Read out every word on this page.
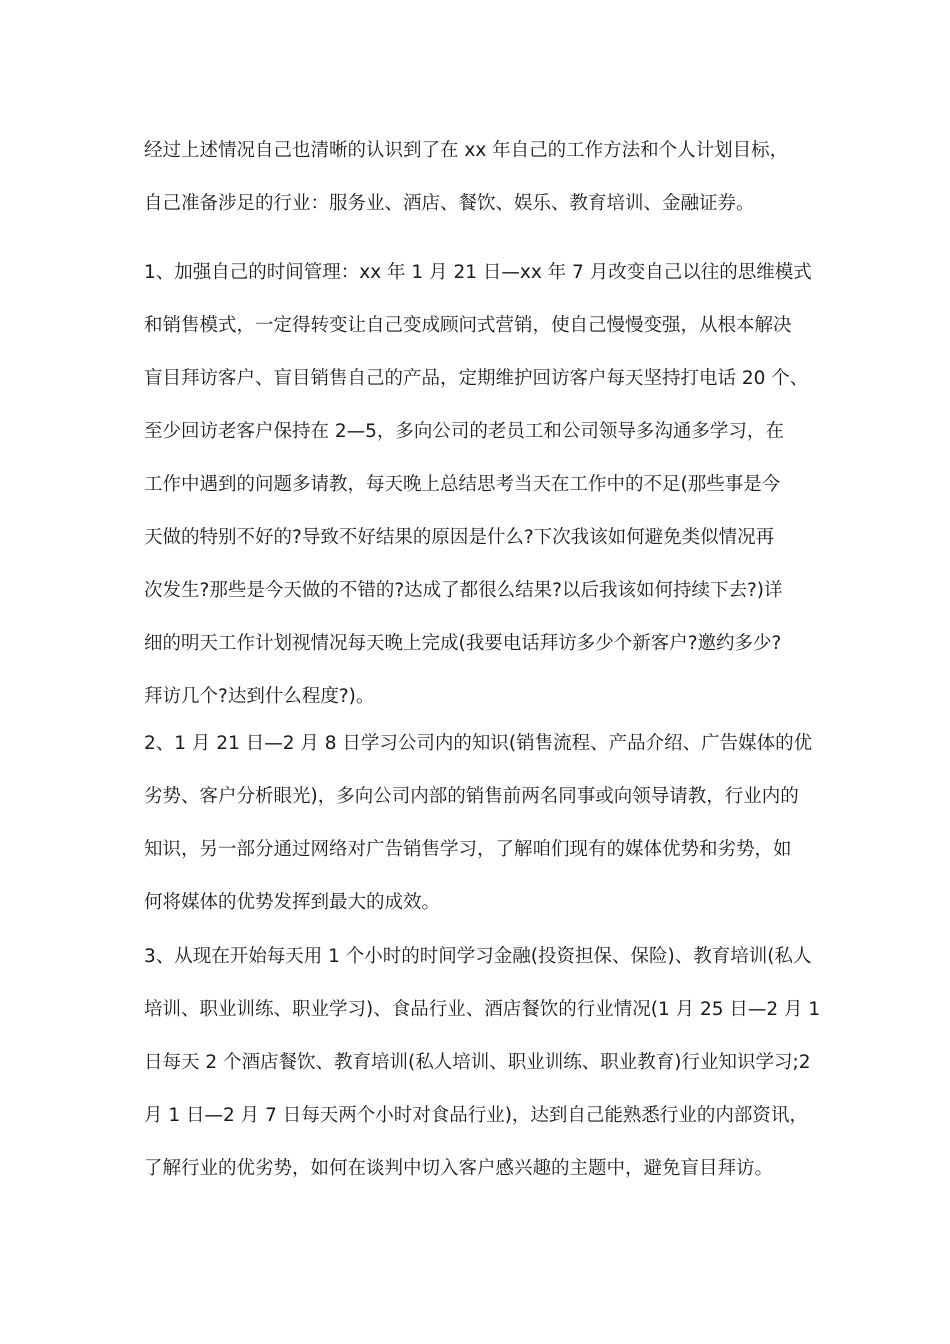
经过上述情况自己也清晰的认识到了在 xx 年自己的工作方法和个人计划目标，
自己准备涉足的行业：服务业、酒店、餐饮、娱乐、教育培训、金融证券。
1、加强自己的时间管理：xx 年 1 月 21 日—xx 年 7 月改变自己以往的思维模式
和销售模式，一定得转变让自己变成顾问式营销，使自己慢慢变强，从根本解决
盲目拜访客户、盲目销售自己的产品，定期维护回访客户每天坚持打电话 20 个、
至少回访老客户保持在 2—5，多向公司的老员工和公司领导多沟通多学习，在
工作中遇到的问题多请教，每天晚上总结思考当天在工作中的不足(那些事是今
天做的特别不好的?导致不好结果的原因是什么?下次我该如何避免类似情况再
次发生?那些是今天做的不错的?达成了都很么结果?以后我该如何持续下去?)详
细的明天工作计划视情况每天晚上完成(我要电话拜访多少个新客户?邀约多少?
拜访几个?达到什么程度?)。
2、1 月 21 日—2 月 8 日学习公司内的知识(销售流程、产品介绍、广告媒体的优
劣势、客户分析眼光)，多向公司内部的销售前两名同事或向领导请教，行业内的
知识，另一部分通过网络对广告销售学习，了解咱们现有的媒体优势和劣势，如
何将媒体的优势发挥到最大的成效。
3、从现在开始每天用 1 个小时的时间学习金融(投资担保、保险)、教育培训(私人
培训、职业训练、职业学习)、食品行业、酒店餐饮的行业情况(1 月 25 日—2 月 1
日每天 2 个酒店餐饮、教育培训(私人培训、职业训练、职业教育)行业知识学习;2
月 1 日—2 月 7 日每天两个小时对食品行业)，达到自己能熟悉行业的内部资讯，
了解行业的优劣势，如何在谈判中切入客户感兴趣的主题中，避免盲目拜访。
